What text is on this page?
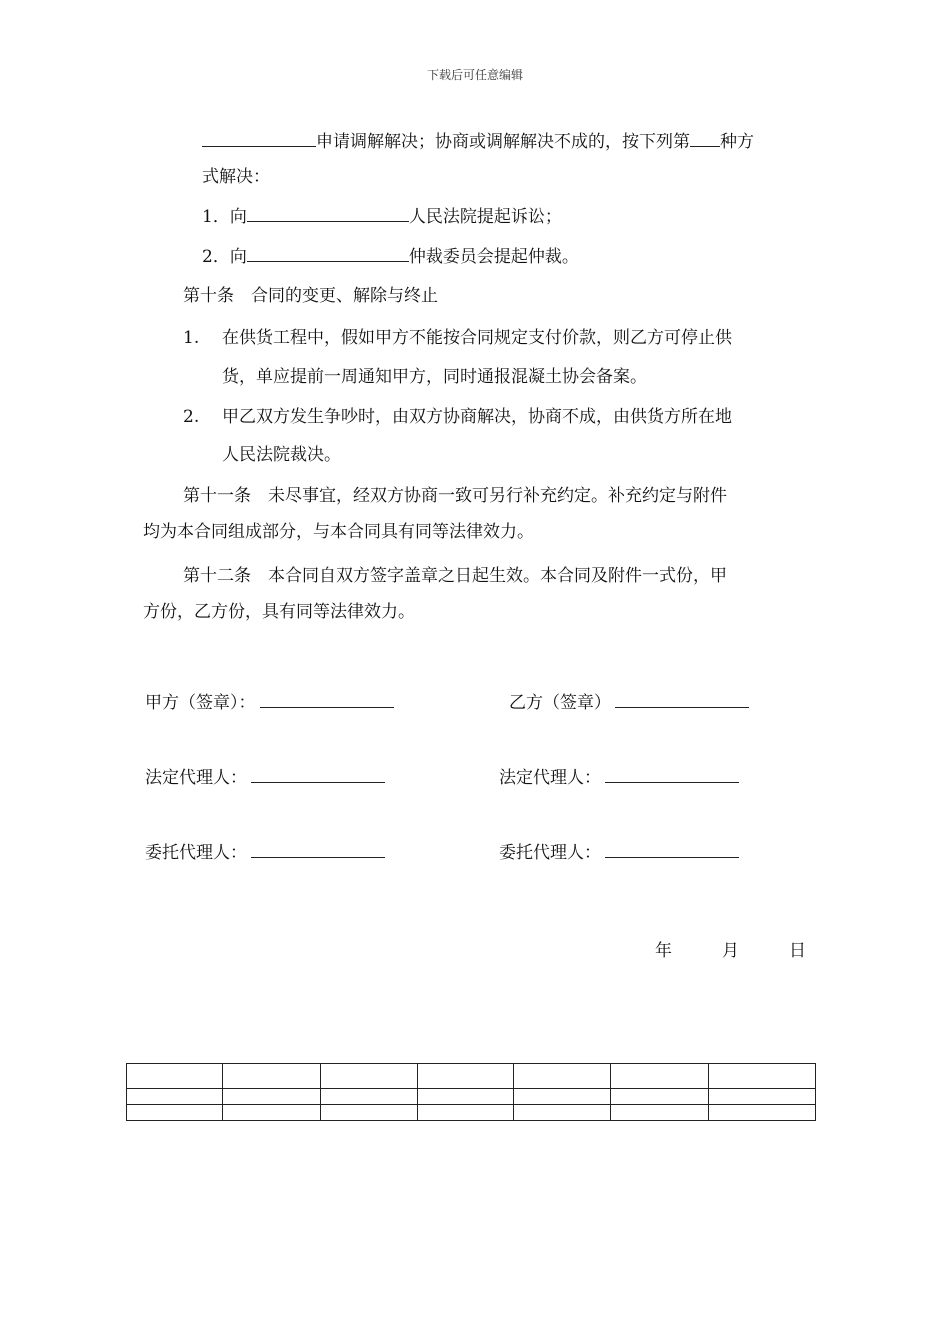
下载后可任意编辑
申请调解解决；协商或调解解决不成的，按下列第 种方
式解决：
1．向	人民法院提起诉讼；
2．向	仲裁委员会提起仲裁。
第十条　合同的变更、解除与终止
1. 在供货工程中，假如甲方不能按合同规定支付价款，则乙方可停止供
货，单应提前一周通知甲方，同时通报混凝土协会备案。
2. 甲乙双方发生争吵时，由双方协商解决，协商不成，由供货方所在地
人民法院裁决。
第十一条　未尽事宜，经双方协商一致可另行补充约定。补充约定与附件
均为本合同组成部分，与本合同具有同等法律效力。
第十二条　本合同自双方签字盖章之日起生效。本合同及附件一式份，甲
方份，乙方份，具有同等法律效力。
甲方（签章）：	乙方（签章）
法定代理人：	法定代理人：
委托代理人：	委托代理人：
年	月	日
